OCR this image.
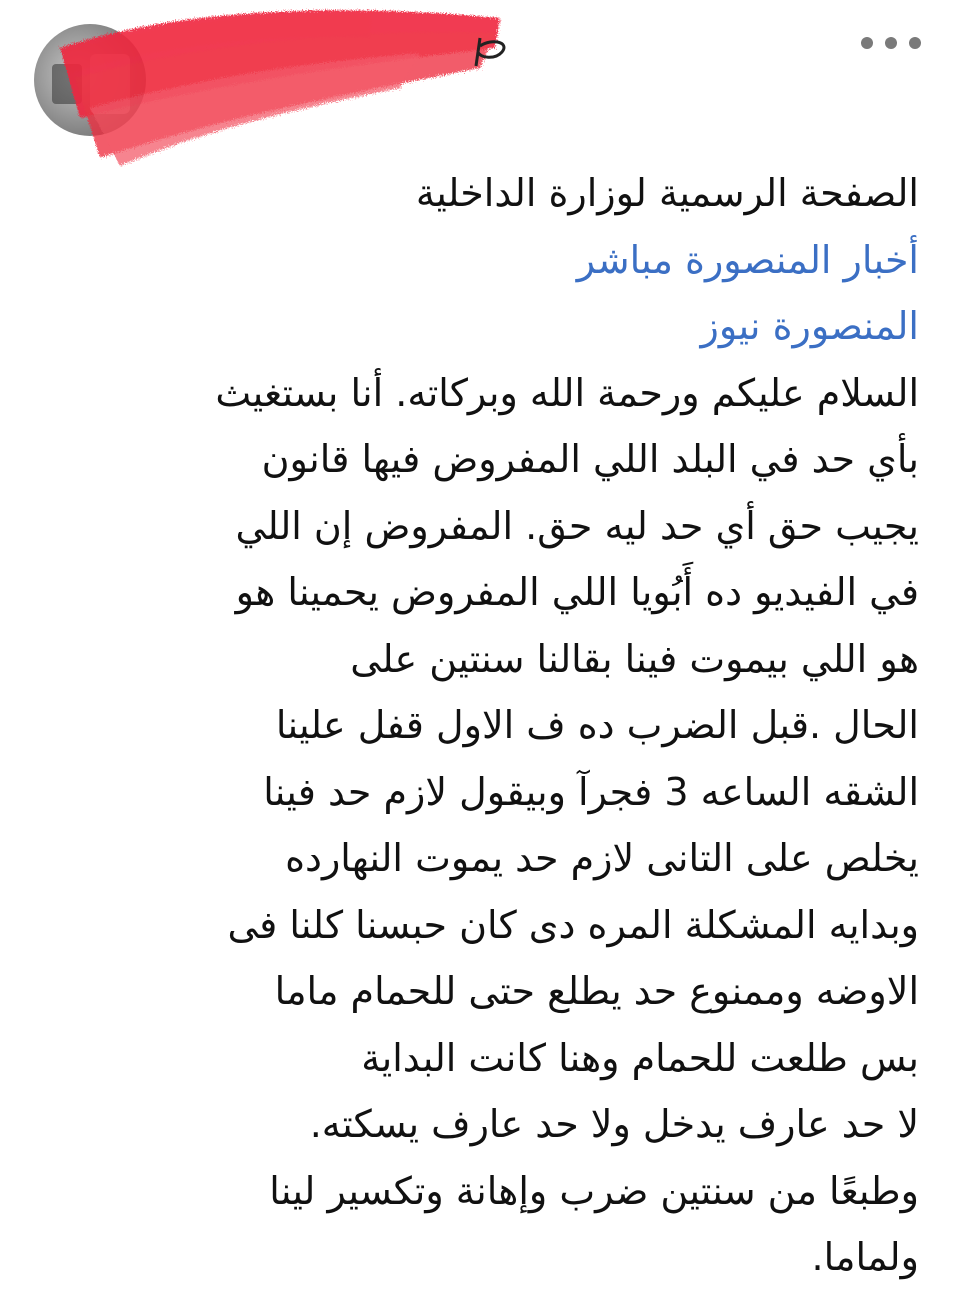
الصفحة الرسمية لوزارة الداخلية
أخبار المنصورة مباشر
المنصورة نيوز
السلام عليكم ورحمة الله وبركاته. أنا بستغيث
بأي حد في البلد اللي المفروض فيها قانون
يجيب حق أي حد ليه حق. المفروض إن اللي
في الفيديو ده أَبُويا اللي المفروض يحمينا هو
هو اللي بيموت فينا بقالنا سنتين على
الحال .قبل الضرب ده ف الاول قفل علينا
الشقه الساعه 3 فجرآ وبيقول لازم حد فينا
يخلص على التانى لازم حد يموت النهارده
وبدايه المشكلة المره دى كان حبسنا كلنا فى
الاوضه وممنوع حد يطلع حتى للحمام ماما
بس طلعت للحمام وهنا كانت البداية
لا حد عارف يدخل ولا حد عارف يسكته.
وطبعًا من سنتين ضرب وإهانة وتكسير لينا
ولماما.
